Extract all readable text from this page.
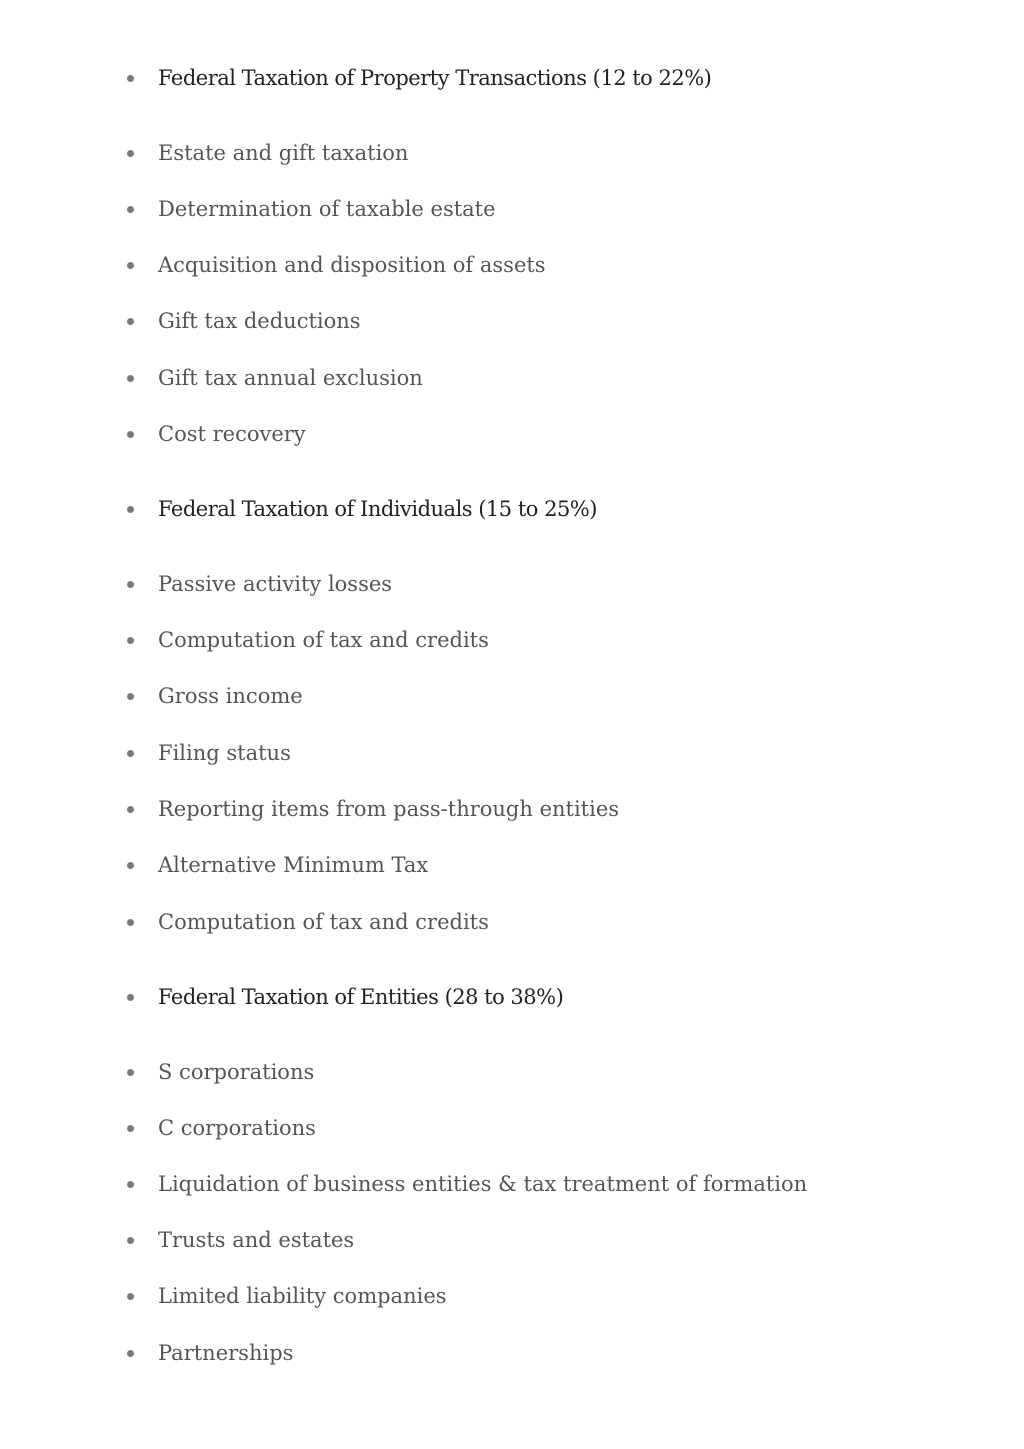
Federal Taxation of Property Transactions (12 to 22%)
Estate and gift taxation
Determination of taxable estate
Acquisition and disposition of assets
Gift tax deductions
Gift tax annual exclusion
Cost recovery
Federal Taxation of Individuals (15 to 25%)
Passive activity losses
Computation of tax and credits
Gross income
Filing status
Reporting items from pass-through entities
Alternative Minimum Tax
Computation of tax and credits
Federal Taxation of Entities (28 to 38%)
S corporations
C corporations
Liquidation of business entities & tax treatment of formation
Trusts and estates
Limited liability companies
Partnerships
